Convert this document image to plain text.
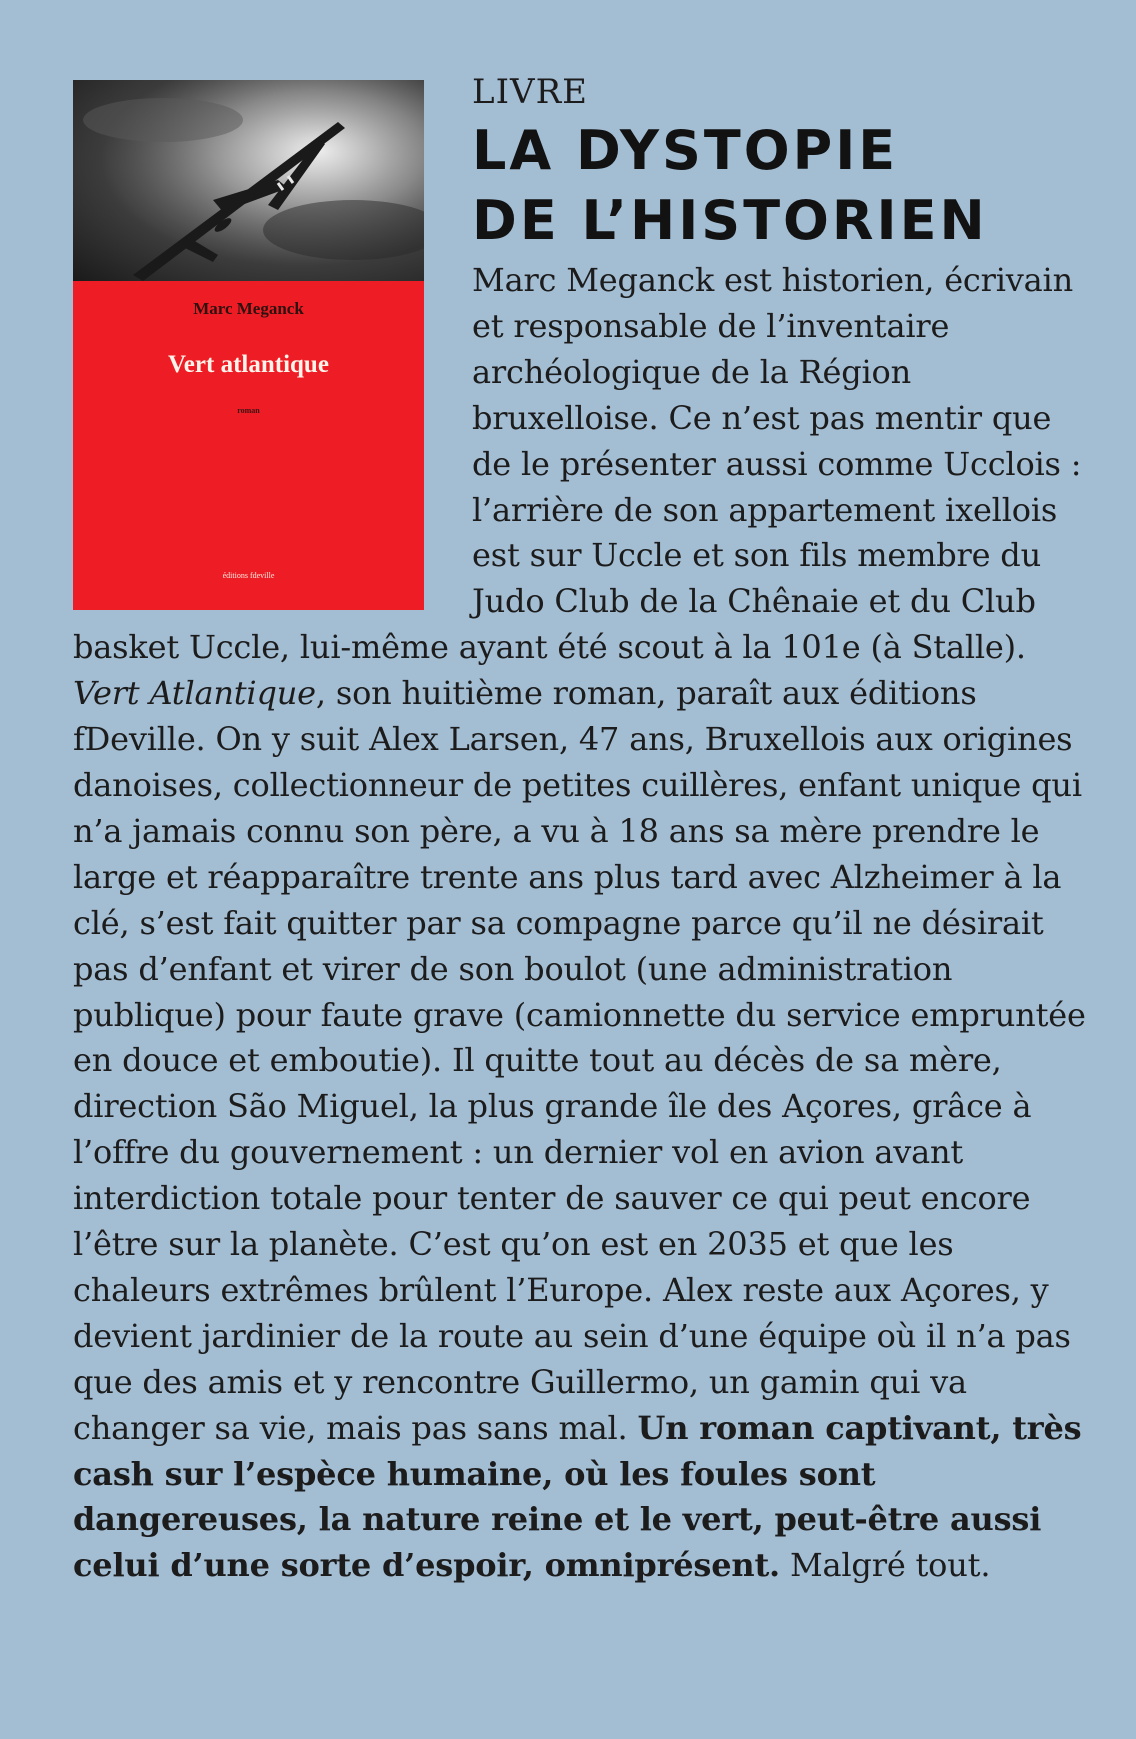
Marc Meganck
Vert atlantique
roman
éditions fdeville
LIVRE
LA DYSTOPIE
DE L’HISTORIEN

Marc Meganck est historien, écrivain et responsable de l’inventaire archéologique de la Région bruxelloise. Ce n’est pas mentir que de le présenter aussi comme Ucclois : l’arrière de son appartement ixellois est sur Uccle et son fils membre du Judo Club de la Chênaie et du Club basket Uccle, lui-même ayant été scout à la 101e (à Stalle). Vert Atlantique, son huitième roman, paraît aux éditions fDeville. On y suit Alex Larsen, 47 ans, Bruxellois aux origines danoises, collectionneur de petites cuillères, enfant unique qui n’a jamais connu son père, a vu à 18 ans sa mère prendre le large et réapparaître trente ans plus tard avec Alzheimer à la clé, s’est fait quitter par sa compagne parce qu’il ne désirait pas d’enfant et virer de son boulot (une administration publique) pour faute grave (camionnette du service empruntée en douce et emboutie). Il quitte tout au décès de sa mère, direction São Miguel, la plus grande île des Açores, grâce à l’offre du gouvernement : un dernier vol en avion avant interdiction totale pour tenter de sauver ce qui peut encore l’être sur la planète. C’est qu’on est en 2035 et que les chaleurs extrêmes brûlent l’Europe. Alex reste aux Açores, y devient jardinier de la route au sein d’une équipe où il n’a pas que des amis et y rencontre Guillermo, un gamin qui va changer sa vie, mais pas sans mal. Un roman captivant, très cash sur l’espèce humaine, où les foules sont dangereuses, la nature reine et le vert, peut-être aussi celui d’une sorte d’espoir, omniprésent. Malgré tout.
